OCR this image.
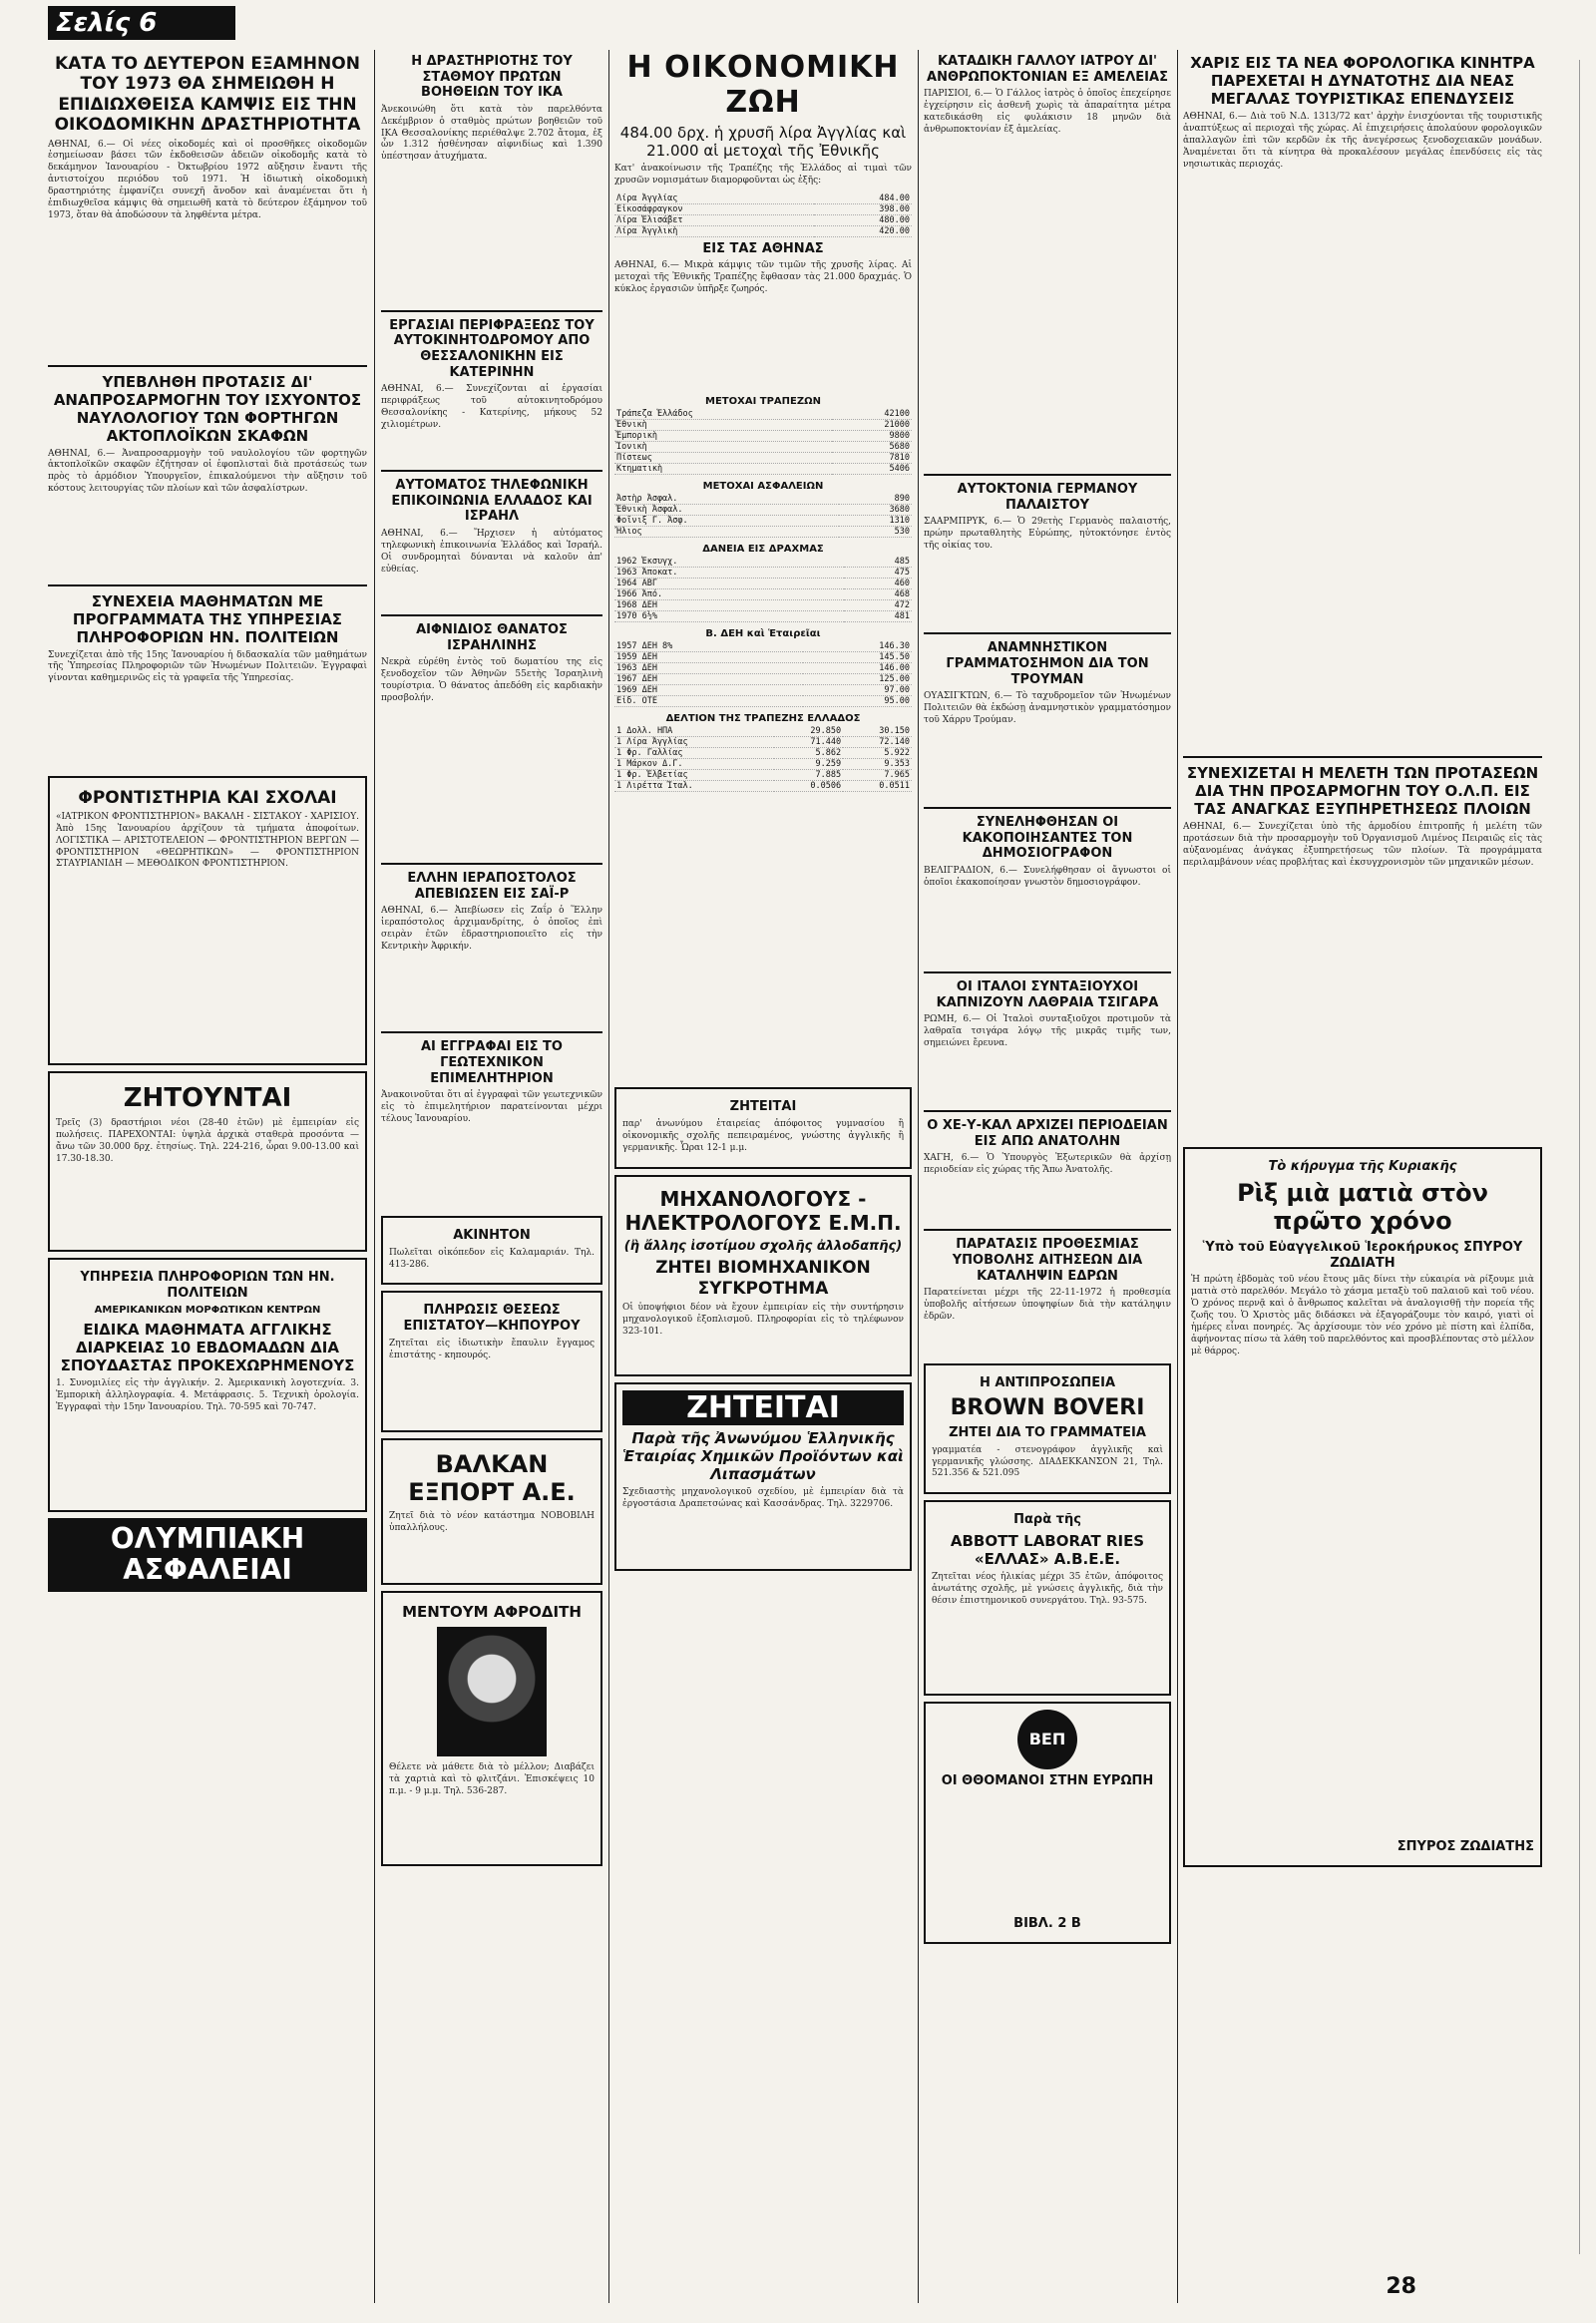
Σελίς 6
ΚΑΤΑ ΤΟ ΔΕΥΤΕΡΟΝ ΕΞΑΜΗΝΟΝ ΤΟΥ 1973 ΘΑ ΣΗΜΕΙΩΘΗ Η ΕΠΙΔΙΩΧΘΕΙΣΑ ΚΑΜΨΙΣ ΕΙΣ ΤΗΝ ΟΙΚΟΔΟΜΙΚΗΝ ΔΡΑΣΤΗΡΙΟΤΗΤΑ
ΑΘΗΝΑΙ, 6.— Οἱ νέες οἰκοδομές καὶ οἱ προσθῆκες οἰκοδομῶν ἐσημείωσαν βάσει τῶν ἐκδοθεισῶν ἀδειῶν οἰκοδομῆς κατὰ τὸ δεκάμηνον Ἰανουαρίου - Ὀκτωβρίου 1972 αὔξησιν ἔναντι τῆς ἀντιστοίχου περιόδου τοῦ 1971. Ἡ ἰδιωτικὴ οἰκοδομικὴ δραστηριότης ἐμφανίζει συνεχῆ ἄνοδον καὶ ἀναμένεται ὅτι ἡ ἐπιδιωχθεῖσα κάμψις θὰ σημειωθῆ κατὰ τὸ δεύτερον ἑξάμηνον τοῦ 1973, ὅταν θὰ ἀποδώσουν τὰ ληφθέντα μέτρα.
ΥΠΕΒΛΗΘΗ ΠΡΟΤΑΣΙΣ ΔΙ' ΑΝΑΠΡΟΣΑΡΜΟΓΗΝ ΤΟΥ ΙΣΧΥΟΝΤΟΣ ΝΑΥΛΟΛΟΓΙΟΥ ΤΩΝ ΦΟΡΤΗΓΩΝ ΑΚΤΟΠΛΟΪΚΩΝ ΣΚΑΦΩΝ
ΑΘΗΝΑΙ, 6.— Ἀναπροσαρμογὴν τοῦ ναυλολογίου τῶν φορτηγῶν ἀκτοπλοϊκῶν σκαφῶν ἐζήτησαν οἱ ἐφοπλισταὶ διὰ προτάσεώς των πρὸς τὸ ἁρμόδιον Ὑπουργεῖον, ἐπικαλούμενοι τὴν αὔξησιν τοῦ κόστους λειτουργίας τῶν πλοίων καὶ τῶν ἀσφαλίστρων.
ΣΥΝΕΧΕΙΑ ΜΑΘΗΜΑΤΩΝ ΜΕ ΠΡΟΓΡΑΜΜΑΤΑ ΤΗΣ ΥΠΗΡΕΣΙΑΣ ΠΛΗΡΟΦΟΡΙΩΝ ΗΝ. ΠΟΛΙΤΕΙΩΝ
Συνεχίζεται ἀπὸ τῆς 15ης Ἰανουαρίου ἡ διδασκαλία τῶν μαθημάτων τῆς Ὑπηρεσίας Πληροφοριῶν τῶν Ἡνωμένων Πολιτειῶν. Ἐγγραφαὶ γίνονται καθημερινῶς εἰς τὰ γραφεῖα τῆς Ὑπηρεσίας.
ΦΡΟΝΤΙΣΤΗΡΙΑ ΚΑΙ ΣΧΟΛΑΙ
«ΙΑΤΡΙΚΟΝ ΦΡΟΝΤΙΣΤΗΡΙΟΝ» ΒΑΚΑΛΗ - ΣΙΣΤΑΚΟΥ - ΧΑΡΙΣΙΟΥ. Ἀπὸ 15ης Ἰανουαρίου ἀρχίζουν τὰ τμήματα ἀποφοίτων. ΛΟΓΙΣΤΙΚΑ — ΑΡΙΣΤΟΤΕΛΕΙΟΝ — ΦΡΟΝΤΙΣΤΗΡΙΟΝ ΒΕΡΓΩΝ — ΦΡΟΝΤΙΣΤΗΡΙΟΝ «ΘΕΩΡΗΤΙΚΩΝ» — ΦΡΟΝΤΙΣΤΗΡΙΟΝ ΣΤΑΥΡΙΑΝΙΔΗ — ΜΕΘΟΔΙΚΟΝ ΦΡΟΝΤΙΣΤΗΡΙΟΝ.
ΖΗΤΟΥΝΤΑΙ
Τρεῖς (3) δραστήριοι νέοι (28-40 ἐτῶν) μὲ ἐμπειρίαν εἰς πωλήσεις. ΠΑΡΕΧΟΝΤΑΙ: ὑψηλὰ ἀρχικὰ σταθερὰ προσόντα — ἄνω τῶν 30.000 δρχ. ἐτησίως. Τηλ. 224-216, ὧραι 9.00-13.00 καὶ 17.30-18.30.
ΥΠΗΡΕΣΙΑ ΠΛΗΡΟΦΟΡΙΩΝ ΤΩΝ ΗΝ. ΠΟΛΙΤΕΙΩΝ
ΑΜΕΡΙΚΑΝΙΚΩΝ ΜΟΡΦΩΤΙΚΩΝ ΚΕΝΤΡΩΝ
ΕΙΔΙΚΑ ΜΑΘΗΜΑΤΑ ΑΓΓΛΙΚΗΣ ΔΙΑΡΚΕΙΑΣ 10 ΕΒΔΟΜΑΔΩΝ ΔΙΑ ΣΠΟΥΔΑΣΤΑΣ ΠΡΟΚΕΧΩΡΗΜΕΝΟΥΣ
1. Συνομιλίες εἰς τὴν ἀγγλικήν. 2. Ἀμερικανικὴ λογοτεχνία. 3. Ἐμπορικὴ ἀλληλογραφία. 4. Μετάφρασις. 5. Τεχνικὴ ὁρολογία. Ἐγγραφαὶ τὴν 15ην Ἰανουαρίου. Τηλ. 70-595 καὶ 70-747.
ΟΛΥΜΠΙΑΚΗ ΑΣΦΑΛΕΙΑΙ
Η ΔΡΑΣΤΗΡΙΟΤΗΣ ΤΟΥ ΣΤΑΘΜΟΥ ΠΡΩΤΩΝ ΒΟΗΘΕΙΩΝ ΤΟΥ ΙΚΑ
Ἀνεκοινώθη ὅτι κατὰ τὸν παρελθόντα Δεκέμβριον ὁ σταθμὸς πρώτων βοηθειῶν τοῦ ΙΚΑ Θεσσαλονίκης περιέθαλψε 2.702 ἄτομα, ἐξ ὧν 1.312 ἠσθένησαν αἰφνιδίως καὶ 1.390 ὑπέστησαν ἀτυχήματα.
ΕΡΓΑΣΙΑΙ ΠΕΡΙΦΡΑΞΕΩΣ ΤΟΥ ΑΥΤΟΚΙΝΗΤΟΔΡΟΜΟΥ ΑΠΟ ΘΕΣΣΑΛΟΝΙΚΗΝ ΕΙΣ ΚΑΤΕΡΙΝΗΝ
ΑΘΗΝΑΙ, 6.— Συνεχίζονται αἱ ἐργασίαι περιφράξεως τοῦ αὐτοκινητοδρόμου Θεσσαλονίκης - Κατερίνης, μήκους 52 χιλιομέτρων.
ΑΥΤΟΜΑΤΟΣ ΤΗΛΕΦΩΝΙΚΗ ΕΠΙΚΟΙΝΩΝΙΑ ΕΛΛΑΔΟΣ ΚΑΙ ΙΣΡΑΗΛ
ΑΘΗΝΑΙ, 6.— Ἤρχισεν ἡ αὐτόματος τηλεφωνικὴ ἐπικοινωνία Ἑλλάδος καὶ Ἰσραήλ. Οἱ συνδρομηταὶ δύνανται νὰ καλοῦν ἀπ' εὐθείας.
ΑΙΦΝΙΔΙΟΣ ΘΑΝΑΤΟΣ ΙΣΡΑΗΛΙΝΗΣ
Νεκρὰ εὑρέθη ἐντὸς τοῦ δωματίου της εἰς ξενοδοχεῖον τῶν Ἀθηνῶν 55ετὴς Ἰσραηλινὴ τουρίστρια. Ὁ θάνατος ἀπεδόθη εἰς καρδιακὴν προσβολήν.
ΕΛΛΗΝ ΙΕΡΑΠΟΣΤΟΛΟΣ ΑΠΕΒΙΩΣΕΝ ΕΙΣ ΣΑΪ-Ρ
ΑΘΗΝΑΙ, 6.— Ἀπεβίωσεν εἰς Ζαΐρ ὁ Ἕλλην ἱεραπόστολος ἀρχιμανδρίτης, ὁ ὁποῖος ἐπὶ σειρὰν ἐτῶν ἐδραστηριοποιεῖτο εἰς τὴν Κεντρικὴν Ἀφρικήν.
ΑΙ ΕΓΓΡΑΦΑΙ ΕΙΣ ΤΟ ΓΕΩΤΕΧΝΙΚΟΝ ΕΠΙΜΕΛΗΤΗΡΙΟΝ
Ἀνακοινοῦται ὅτι αἱ ἐγγραφαὶ τῶν γεωτεχνικῶν εἰς τὸ ἐπιμελητήριον παρατείνονται μέχρι τέλους Ἰανουαρίου.
ΑΚΙΝΗΤΟΝ
Πωλεῖται οἰκόπεδον εἰς Καλαμαριάν. Τηλ. 413-286.
ΠΛΗΡΩΣΙΣ ΘΕΣΕΩΣ ΕΠΙΣΤΑΤΟΥ—ΚΗΠΟΥΡΟΥ
Ζητεῖται εἰς ἰδιωτικὴν ἔπαυλιν ἔγγαμος ἐπιστάτης - κηπουρός.
ΒΑΛΚΑΝ ΕΞΠΟΡΤ Α.Ε.
Ζητεῖ διὰ τὸ νέον κατάστημα ΝΟΒΟΒΙΛΗ ὑπαλλήλους.
ΜΕΝΤΟΥΜ ΑΦΡΟΔΙΤΗ
Θέλετε νὰ μάθετε διὰ τὸ μέλλον; Διαβάζει τὰ χαρτιὰ καὶ τὸ φλιτζάνι. Ἐπισκέψεις 10 π.μ. - 9 μ.μ. Τηλ. 536-287.
Η ΟΙΚΟΝΟΜΙΚΗ ΖΩΗ
484.00 δρχ. ἡ χρυσῆ λίρα Ἀγγλίας καὶ 21.000 αἱ μετοχαὶ τῆς Ἐθνικῆς
Κατ' ἀνακοίνωσιν τῆς Τραπέζης τῆς Ἑλλάδος αἱ τιμαὶ τῶν χρυσῶν νομισμάτων διαμορφοῦνται ὡς ἑξῆς:
Λίρα Ἀγγλίας	484.00
Εἰκοσάφραγκον	398.00
Λίρα Ἐλισάβετ	480.00
Λίρα Ἀγγλικὴ	420.00
ΕΙΣ ΤΑΣ ΑΘΗΝΑΣ
ΑΘΗΝΑΙ, 6.— Μικρὰ κάμψις τῶν τιμῶν τῆς χρυσῆς λίρας. Αἱ μετοχαὶ τῆς Ἐθνικῆς Τραπέζης ἔφθασαν τὰς 21.000 δραχμάς. Ὁ κύκλος ἐργασιῶν ὑπῆρξε ζωηρός.
ΜΕΤΟΧΑΙ ΤΡΑΠΕΖΩΝ
Τράπεζα Ἑλλάδος	42100
Ἐθνικὴ	21000
Ἐμπορικὴ	9800
Ἰονικὴ	5680
Πίστεως	7810
Κτηματικὴ	5406
ΜΕΤΟΧΑΙ ΑΣΦΑΛΕΙΩΝ
Ἀστὴρ Ἀσφαλ.	890
Ἐθνικὴ Ἀσφαλ.	3680
Φοῖνιξ Γ. Ἀσφ.	1310
Ἥλιος	530
ΔΑΝΕΙΑ ΕΙΣ ΔΡΑΧΜΑΣ
1962 Ἐκσυγχ.	485
1963 Ἀποκατ.	475
1964 ΑΒΓ	460
1966 Ἀπό.	468
1968 ΔΕΗ	472
1970 6½%	481
Β. ΔΕΗ καὶ Ἑταιρεῖαι
1957 ΔΕΗ 8%	146.30
1959 ΔΕΗ	145.50
1963 ΔΕΗ	146.00
1967 ΔΕΗ	125.00
1969 ΔΕΗ	97.00
Εἰδ. ΟΤΕ	95.00
ΔΕΛΤΙΟΝ ΤΗΣ ΤΡΑΠΕΖΗΣ ΕΛΛΑΔΟΣ
1 Δολλ. ΗΠΑ	29.850	30.150
1 Λίρα Ἀγγλίας	71.440	72.140
1 Φρ. Γαλλίας	5.862	5.922
1 Μάρκον Δ.Γ.	9.259	9.353
1 Φρ. Ἑλβετίας	7.885	7.965
1 Λιρέττα Ἰταλ.	0.0506	0.0511
ΖΗΤΕΙΤΑΙ
παρ' ἀνωνύμου ἑταιρείας ἀπόφοιτος γυμνασίου ἢ οἰκονομικῆς σχολῆς πεπειραμένος, γνώστης ἀγγλικῆς ἢ γερμανικῆς. Ὧραι 12-1 μ.μ.
ΜΗΧΑΝΟΛΟΓΟΥΣ - ΗΛΕΚΤΡΟΛΟΓΟΥΣ Ε.Μ.Π.
(ἢ ἄλλης ἰσοτίμου σχολῆς ἀλλοδαπῆς)
ΖΗΤΕΙ ΒΙΟΜΗΧΑΝΙΚΟΝ ΣΥΓΚΡΟΤΗΜΑ
Οἱ ὑποψήφιοι δέον νὰ ἔχουν ἐμπειρίαν εἰς τὴν συντήρησιν μηχανολογικοῦ ἐξοπλισμοῦ. Πληροφορίαι εἰς τὸ τηλέφωνον 323-101.
ΖΗΤΕΙΤΑΙ
Παρὰ τῆς Ἀνωνύμου Ἑλληνικῆς Ἑταιρίας Χημικῶν Προϊόντων καὶ Λιπασμάτων
Σχεδιαστὴς μηχανολογικοῦ σχεδίου, μὲ ἐμπειρίαν διὰ τὰ ἐργοστάσια Δραπετσώνας καὶ Κασσάνδρας. Τηλ. 3229706.
ΚΑΤΑΔΙΚΗ ΓΑΛΛΟΥ ΙΑΤΡΟΥ ΔΙ' ΑΝΘΡΩΠΟΚΤΟΝΙΑΝ ΕΞ ΑΜΕΛΕΙΑΣ
ΠΑΡΙΣΙΟΙ, 6.— Ὁ Γάλλος ἰατρὸς ὁ ὁποῖος ἐπεχείρησε ἐγχείρησιν εἰς ἀσθενῆ χωρὶς τὰ ἀπαραίτητα μέτρα κατεδικάσθη εἰς φυλάκισιν 18 μηνῶν διὰ ἀνθρωποκτονίαν ἐξ ἀμελείας.
ΑΥΤΟΚΤΟΝΙΑ ΓΕΡΜΑΝΟΥ ΠΑΛΑΙΣΤΟΥ
ΣΑΑΡΜΠΡΥΚ, 6.— Ὁ 29ετὴς Γερμανὸς παλαιστής, πρώην πρωταθλητὴς Εὐρώπης, ηὐτοκτόνησε ἐντὸς τῆς οἰκίας του.
ΑΝΑΜΝΗΣΤΙΚΟΝ ΓΡΑΜΜΑΤΟΣΗΜΟΝ ΔΙΑ ΤΟΝ ΤΡΟΥΜΑΝ
ΟΥΑΣΙΓΚΤΩΝ, 6.— Τὸ ταχυδρομεῖον τῶν Ἡνωμένων Πολιτειῶν θὰ ἐκδώσῃ ἀναμνηστικὸν γραμματόσημον τοῦ Χάρρυ Τρούμαν.
ΣΥΝΕΛΗΦΘΗΣΑΝ ΟΙ ΚΑΚΟΠΟΙΗΣΑΝΤΕΣ ΤΟΝ ΔΗΜΟΣΙΟΓΡΑΦΟΝ
ΒΕΛΙΓΡΑΔΙΟΝ, 6.— Συνελήφθησαν οἱ ἄγνωστοι οἱ ὁποῖοι ἐκακοποίησαν γνωστὸν δημοσιογράφον.
ΟΙ ΙΤΑΛΟΙ ΣΥΝΤΑΞΙΟΥΧΟΙ ΚΑΠΝΙΖΟΥΝ ΛΑΘΡΑΙΑ ΤΣΙΓΑΡΑ
ΡΩΜΗ, 6.— Οἱ Ἰταλοὶ συνταξιοῦχοι προτιμοῦν τὰ λαθραῖα τσιγάρα λόγῳ τῆς μικρᾶς τιμῆς των, σημειώνει ἔρευνα.
Ο ΧΕ-Υ-ΚΑΛ ΑΡΧΙΖΕΙ ΠΕΡΙΟΔΕΙΑΝ ΕΙΣ ΑΠΩ ΑΝΑΤΟΛΗΝ
ΧΑΓΗ, 6.— Ὁ Ὑπουργὸς Ἐξωτερικῶν θὰ ἀρχίσῃ περιοδείαν εἰς χώρας τῆς Ἄπω Ἀνατολῆς.
ΠΑΡΑΤΑΣΙΣ ΠΡΟΘΕΣΜΙΑΣ ΥΠΟΒΟΛΗΣ ΑΙΤΗΣΕΩΝ ΔΙΑ ΚΑΤΑΛΗΨΙΝ ΕΔΡΩΝ
Παρατείνεται μέχρι τῆς 22-11-1972 ἡ προθεσμία ὑποβολῆς αἰτήσεων ὑποψηφίων διὰ τὴν κατάληψιν ἐδρῶν.
Η ΑΝΤΙΠΡΟΣΩΠΕΙΑ
BROWN BOVERI
ΖΗΤΕΙ ΔΙΑ ΤΟ ΓΡΑΜΜΑΤΕΙΑ
γραμματέα - στενογράφον ἀγγλικῆς καὶ γερμανικῆς γλώσσης. ΔΙΑΔΕΚΚΑΝΣΟΝ 21, Τηλ. 521.356 & 521.095
Παρὰ τῆς
ABBOTT LABORAT RIES «ΕΛΛΑΣ» Α.Β.Ε.Ε.
Ζητεῖται νέος ἡλικίας μέχρι 35 ἐτῶν, ἀπόφοιτος ἀνωτάτης σχολῆς, μὲ γνώσεις ἀγγλικῆς, διὰ τὴν θέσιν ἐπιστημονικοῦ συνεργάτου. Τηλ. 93-575.
ΒΕΠ
ΟΙ ΘΘΟΜΑΝΟΙ ΣΤΗΝ ΕΥΡΩΠΗ
ΒΙΒΛ. 2 Β
ΧΑΡΙΣ ΕΙΣ ΤΑ ΝΕΑ ΦΟΡΟΛΟΓΙΚΑ ΚΙΝΗΤΡΑ ΠΑΡΕΧΕΤΑΙ Η ΔΥΝΑΤΟΤΗΣ ΔΙΑ ΝΕΑΣ ΜΕΓΑΛΑΣ ΤΟΥΡΙΣΤΙΚΑΣ ΕΠΕΝΔΥΣΕΙΣ
ΑΘΗΝΑΙ, 6.— Διὰ τοῦ Ν.Δ. 1313/72 κατ' ἀρχὴν ἐνισχύονται τῆς τουριστικῆς ἀναπτύξεως αἱ περιοχαὶ τῆς χώρας. Αἱ ἐπιχειρήσεις ἀπολαύουν φορολογικῶν ἀπαλλαγῶν ἐπὶ τῶν κερδῶν ἐκ τῆς ἀνεγέρσεως ξενοδοχειακῶν μονάδων. Ἀναμένεται ὅτι τὰ κίνητρα θὰ προκαλέσουν μεγάλας ἐπενδύσεις εἰς τὰς νησιωτικὰς περιοχάς.
ΣΥΝΕΧΙΖΕΤΑΙ Η ΜΕΛΕΤΗ ΤΩΝ ΠΡΟΤΑΣΕΩΝ ΔΙΑ ΤΗΝ ΠΡΟΣΑΡΜΟΓΗΝ ΤΟΥ Ο.Λ.Π. ΕΙΣ ΤΑΣ ΑΝΑΓΚΑΣ ΕΞΥΠΗΡΕΤΗΣΕΩΣ ΠΛΟΙΩΝ
ΑΘΗΝΑΙ, 6.— Συνεχίζεται ὑπὸ τῆς ἁρμοδίου ἐπιτροπῆς ἡ μελέτη τῶν προτάσεων διὰ τὴν προσαρμογὴν τοῦ Ὀργανισμοῦ Λιμένος Πειραιῶς εἰς τὰς αὐξανομένας ἀνάγκας ἐξυπηρετήσεως τῶν πλοίων. Τὰ προγράμματα περιλαμβάνουν νέας προβλήτας καὶ ἐκσυγχρονισμὸν τῶν μηχανικῶν μέσων.
Τὸ κήρυγμα τῆς Κυριακῆς
Ρὶξ μιὰ ματιὰ στὸν πρῶτο χρόνο
Ὑπὸ τοῦ Εὐαγγελικοῦ Ἱεροκήρυκος ΣΠΥΡΟΥ ΖΩΔΙΑΤΗ
Ἡ πρώτη ἑβδομὰς τοῦ νέου ἔτους μᾶς δίνει τὴν εὐκαιρία νὰ ρίξουμε μιὰ ματιὰ στὸ παρελθόν. Μεγάλο τὸ χάσμα μεταξὺ τοῦ παλαιοῦ καὶ τοῦ νέου. Ὁ χρόνος περνᾷ καὶ ὁ ἄνθρωπος καλεῖται νὰ ἀναλογισθῇ τὴν πορεία τῆς ζωῆς του. Ὁ Χριστὸς μᾶς διδάσκει νὰ ἐξαγοράζουμε τὸν καιρό, γιατὶ οἱ ἡμέρες εἶναι πονηρές. Ἂς ἀρχίσουμε τὸν νέο χρόνο μὲ πίστη καὶ ἐλπίδα, ἀφήνοντας πίσω τὰ λάθη τοῦ παρελθόντος καὶ προσβλέποντας στὸ μέλλον μὲ θάρρος.
ΣΠΥΡΟΣ ΖΩΔΙΑΤΗΣ
28
